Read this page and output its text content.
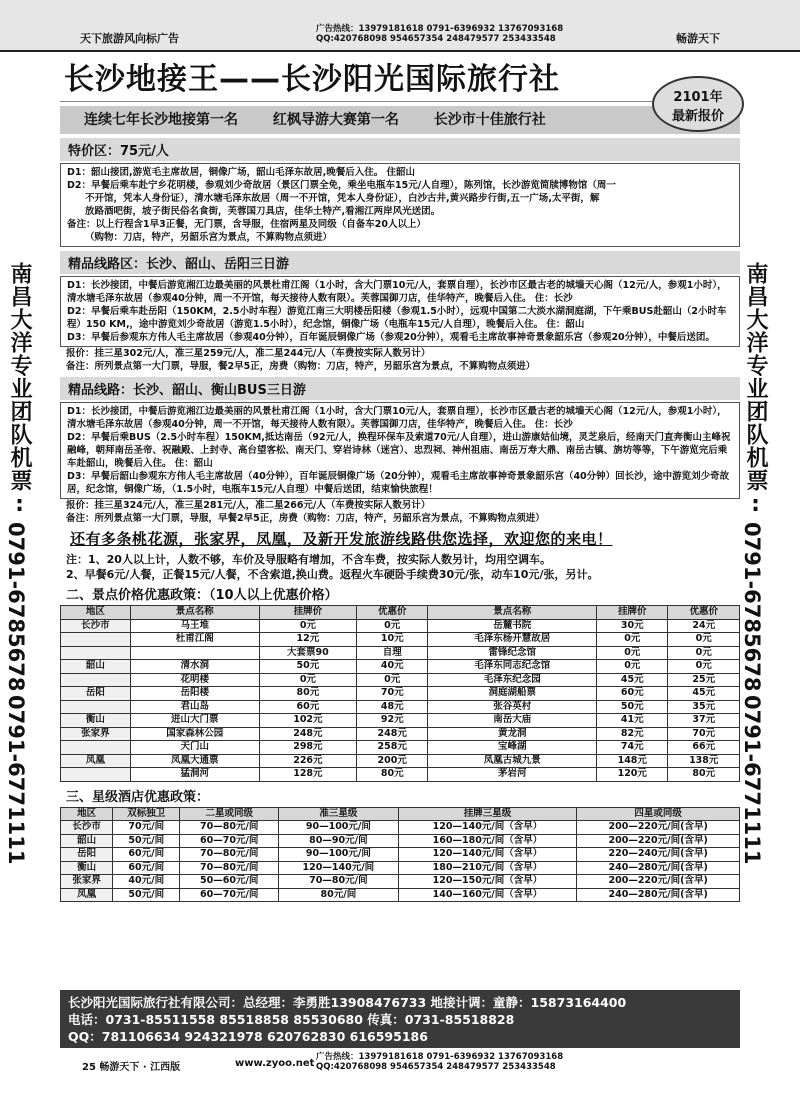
天下旅游风向标广告
广告热线：13979181618 0791-6396932 13767093168
QQ:420768098 954657354 248479577 253433548	畅游天下
南昌大洋专业团队机票:
0791-6785678
0791-6771111
南昌大洋专业团队机票:
0791-6785678
0791-6771111
长沙地接王——长沙阳光国际旅行社
2101年
最新报价
连续七年长沙地接第一名 红枫导游大赛第一名 长沙市十佳旅行社
特价区：75元/人

D1：韶山接团,游览毛主席故居，铜像广场，韶山毛泽东故居,晚餐后入住。 住韶山

D2：早餐后乘车赴宁乡花明楼，参观刘少奇故居（景区门票全免，乘坐电瓶车15元/人自理），陈列馆，长沙游览简牍博物馆（周一

不开馆，凭本人身份证），清水塘毛泽东故居（周一不开馆，凭本人身份证），白沙古井,黄兴路步行街,五一广场,太平街，解

放路酒吧街，坡子街民俗名食街，芙蓉国刀具店，佳华土特产,看湘江两岸风光送团。

备注：以上行程含1早3正餐，无门票，含导服，住宿两星及同级（自备车20人以上）

（购物：刀店，特产，另韶乐宫为景点，不算购物点须进）

精品线路区：长沙、韶山、岳阳三日游

D1：长沙接团，中餐后游览湘江边最美丽的风景杜甫江阁（1小时，含大门票10元/人，套票自理），长沙市区最古老的城墙天心阁（12元/人，参观1小时），清水塘毛泽东故居（参观40分钟，周一不开馆，每天接待人数有限）。芙蓉国御刀店，佳华特产，晚餐后入住。 住：长沙

D2：早餐后乘车赴岳阳（150KM，2.5小时车程）游览江南三大明楼岳阳楼（参观1.5小时），远观中国第二大淡水湖洞庭湖，下午乘BUS赴韶山（2小时车程）150 KM,，途中游览刘少奇故居（游览1.5小时），纪念馆，铜像广场（电瓶车15元/人自理），晚餐后入住。 住：韶山

D3：早餐后参观东方伟人毛主席故居（参观40分钟），百年诞辰铜像广场（参观20分钟），观看毛主席故事神奇景象韶乐宫（参观20分钟），中餐后送团。

报价：挂三星302元/人，准三星259元/人，准二星244元/人（车费按实际人数另计）
备注：所列景点第一大门票，导服，餐2早5正，房费（购物：刀店，特产，另韶乐宫为景点，不算购物点须进）
精品线路：长沙、韶山、衡山BUS三日游

D1：长沙接团，中餐后游览湘江边最美丽的风景杜甫江阁（1小时，含大门票10元/人，套票自理），长沙市区最古老的城墙天心阁（12元/人，参观1小时），清水塘毛泽东故居（参观40分钟，周一不开馆，每天接待人数有限）。芙蓉国御刀店，佳华特产，晚餐后入住。 住：长沙

D2：早餐后乘BUS（2.5小时车程）150KM,抵达南岳（92元/人，换程环保车及索道70元/人自理），进山游康姑仙境，灵芝泉后，经南天门直奔衡山主峰祝融峰，朝拜南岳圣帝、祝融殿、上封寺、高台望客松、南天门、穿岩诗林（迷宫）、忠烈祠、神州祖庙、南岳万寿大鼎、南岳古镇、旃坊等等，下午游览完后乘车赴韶山，晚餐后入住。 住：韶山

D3：早餐后韶山参观东方伟人毛主席故居（40分钟），百年诞辰铜像广场（20分钟），观看毛主席故事神奇景象韶乐宫（40分钟）回长沙，途中游览刘少奇故居，纪念馆，铜像广场，（1.5小时，电瓶车15元/人自理）中餐后送团，结束愉快旅程！

报价：挂三星324元/人，准三星281元/人，准二星266元/人（车费按实际人数另计）
备注：所列景点第一大门票，导服，早餐2早5正，房费（购物：刀店，特产，另韶乐宫为景点，不算购物点须进）
还有多条桃花源，张家界，凤凰，及新开发旅游线路供您选择，欢迎您的来电！

注：1、20人以上计，人数不够，车价及导服略有增加，不含车费，按实际人数另计，均用空调车。

2、早餐6元/人餐，正餐15元/人餐，不含索道,换山费。返程火车硬卧手续费30元/张，动车10元/张，另计。

二、景点价格优惠政策：（10人以上优惠价格）
地区	景点名称	挂牌价	优惠价	景点名称	挂牌价	优惠价
长沙市	马王堆	0元	0元	岳麓书院	30元	24元
	杜甫江阁	12元	10元	毛泽东杨开慧故居	0元	0元
		大套票90	自理	雷锋纪念馆	0元	0元
韶山	清水洞	50元	40元	毛泽东同志纪念馆	0元	0元
	花明楼	0元	0元	毛泽东纪念园	45元	25元
岳阳	岳阳楼	80元	70元	洞庭湖船票	60元	45元
	君山岛	60元	48元	张谷英村	50元	35元
衡山	进山大门票	102元	92元	南岳大庙	41元	37元
张家界	国家森林公园	248元	248元	黄龙洞	82元	70元
	天门山	298元	258元	宝峰湖	74元	66元
凤凰	凤凰大通票	226元	200元	凤凰古城九景	148元	138元
	猛洞河	128元	80元	茅岩河	120元	80元
三、星级酒店优惠政策：
地区	双标独卫	二星或同级	准三星级	挂牌三星级	四星或同级
长沙市	70元/间	70—80元/间	90—100元/间	120—140元/间（含早）	200—220元/间(含早)
韶山	50元/间	60—70元/间	80—90元/间	160—180元/间（含早）	200—220元/间(含早)
岳阳	60元/间	70—80元/间	90—100元/间	120—140元/间（含早）	220—240元/间(含早)
衡山	60元/间	70—80元/间	120—140元/间	180—210元/间（含早）	240—280元/间(含早)
张家界	40元/间	50—60元/间	70—80元/间	120—150元/间（含早）	200—220元/间(含早)
凤凰	50元/间	60—70元/间	80元/间	140—160元/间（含早）	240—280元/间(含早)
长沙阳光国际旅行社有限公司：总经理：李勇胜13908476733 地接计调：童静：15873164400
电话：0731-85511558 85518858 85530680 传真：0731-85518828
QQ：781106634 924321978 620762830 616595186
25 畅游天下 · 江西版	www.zyoo.net
广告热线：13979181618 0791-6396932 13767093168
QQ:420768098 954657354 248479577 253433548
